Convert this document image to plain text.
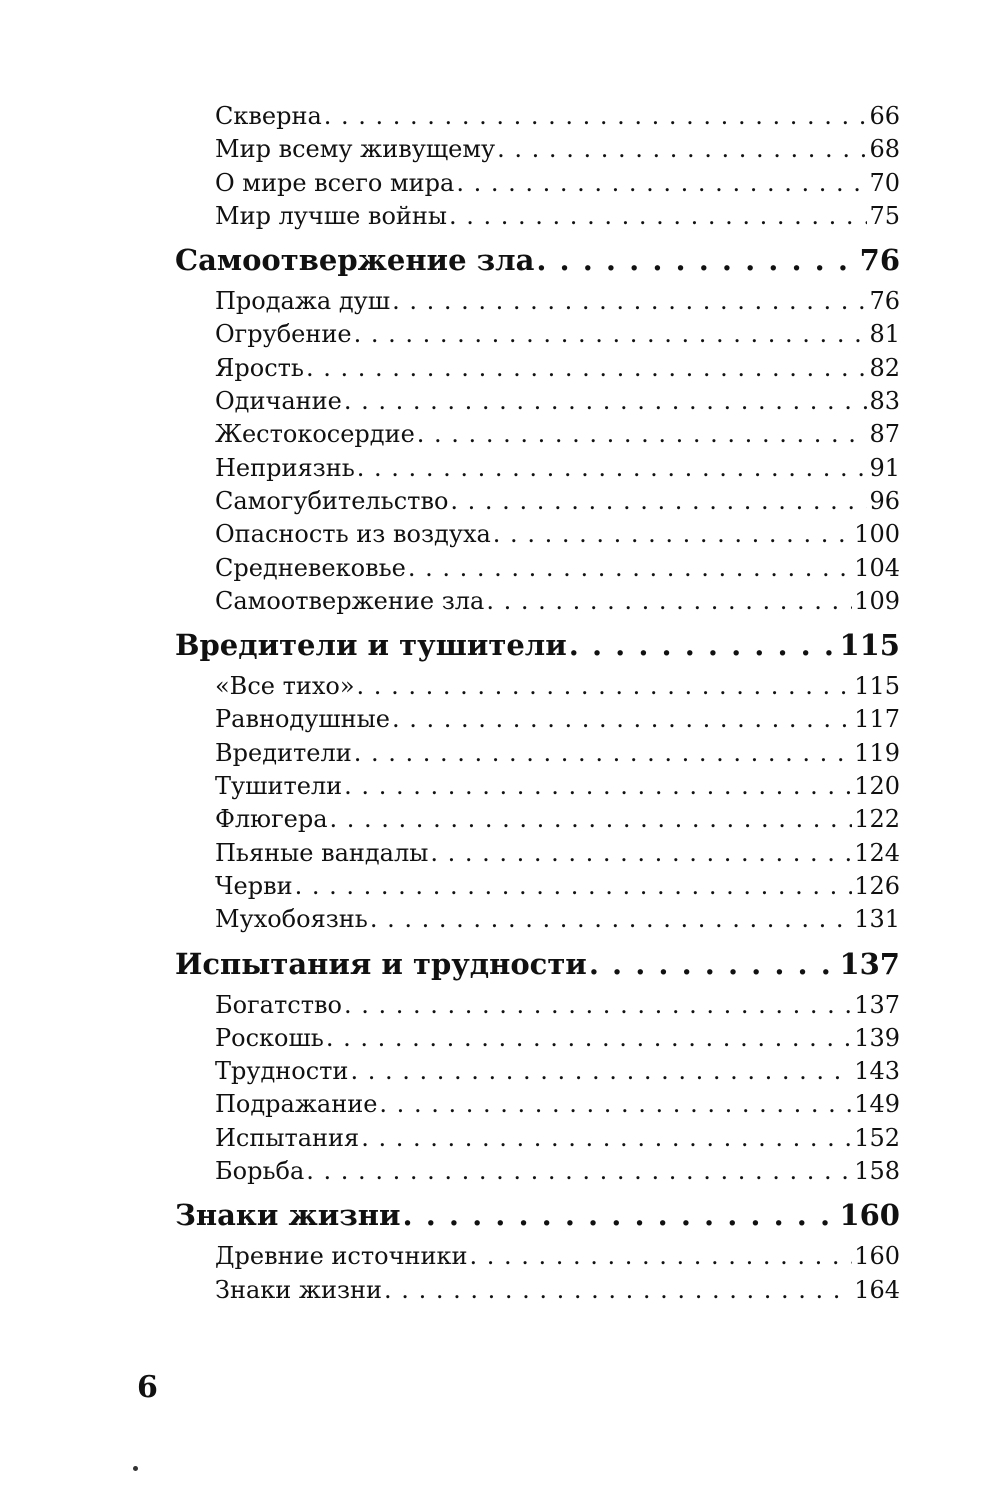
Скверна . . .	66
Мир всему живущему . . .	68
О мире всего мира . . .	70
Мир лучше войны . . .	75
Самоотвержение зла . . .	76
Продажа душ . . .	76
Огрубение . . .	81
Ярость . . .	82
Одичание . . .	83
Жестокосердие . . .	87
Неприязнь . . .	91
Самогубительство . . .	96
Опасность из воздуха . . .	100
Средневековье . . .	104
Самоотвержение зла . . .	109
Вредители и тушители . . .	115
«Все тихо» . . .	115
Равнодушные . . .	117
Вредители . . .	119
Тушители . . .	120
Флюгера . . .	122
Пьяные вандалы . . .	124
Черви . . .	126
Мухобоязнь . . .	131
Испытания и трудности . . .	137
Богатство . . .	137
Роскошь . . .	139
Трудности . . .	143
Подражание . . .	149
Испытания . . .	152
Борьба . . .	158
Знаки жизни . . .	160
Древние источники . . .	160
Знаки жизни . . .	164
6
